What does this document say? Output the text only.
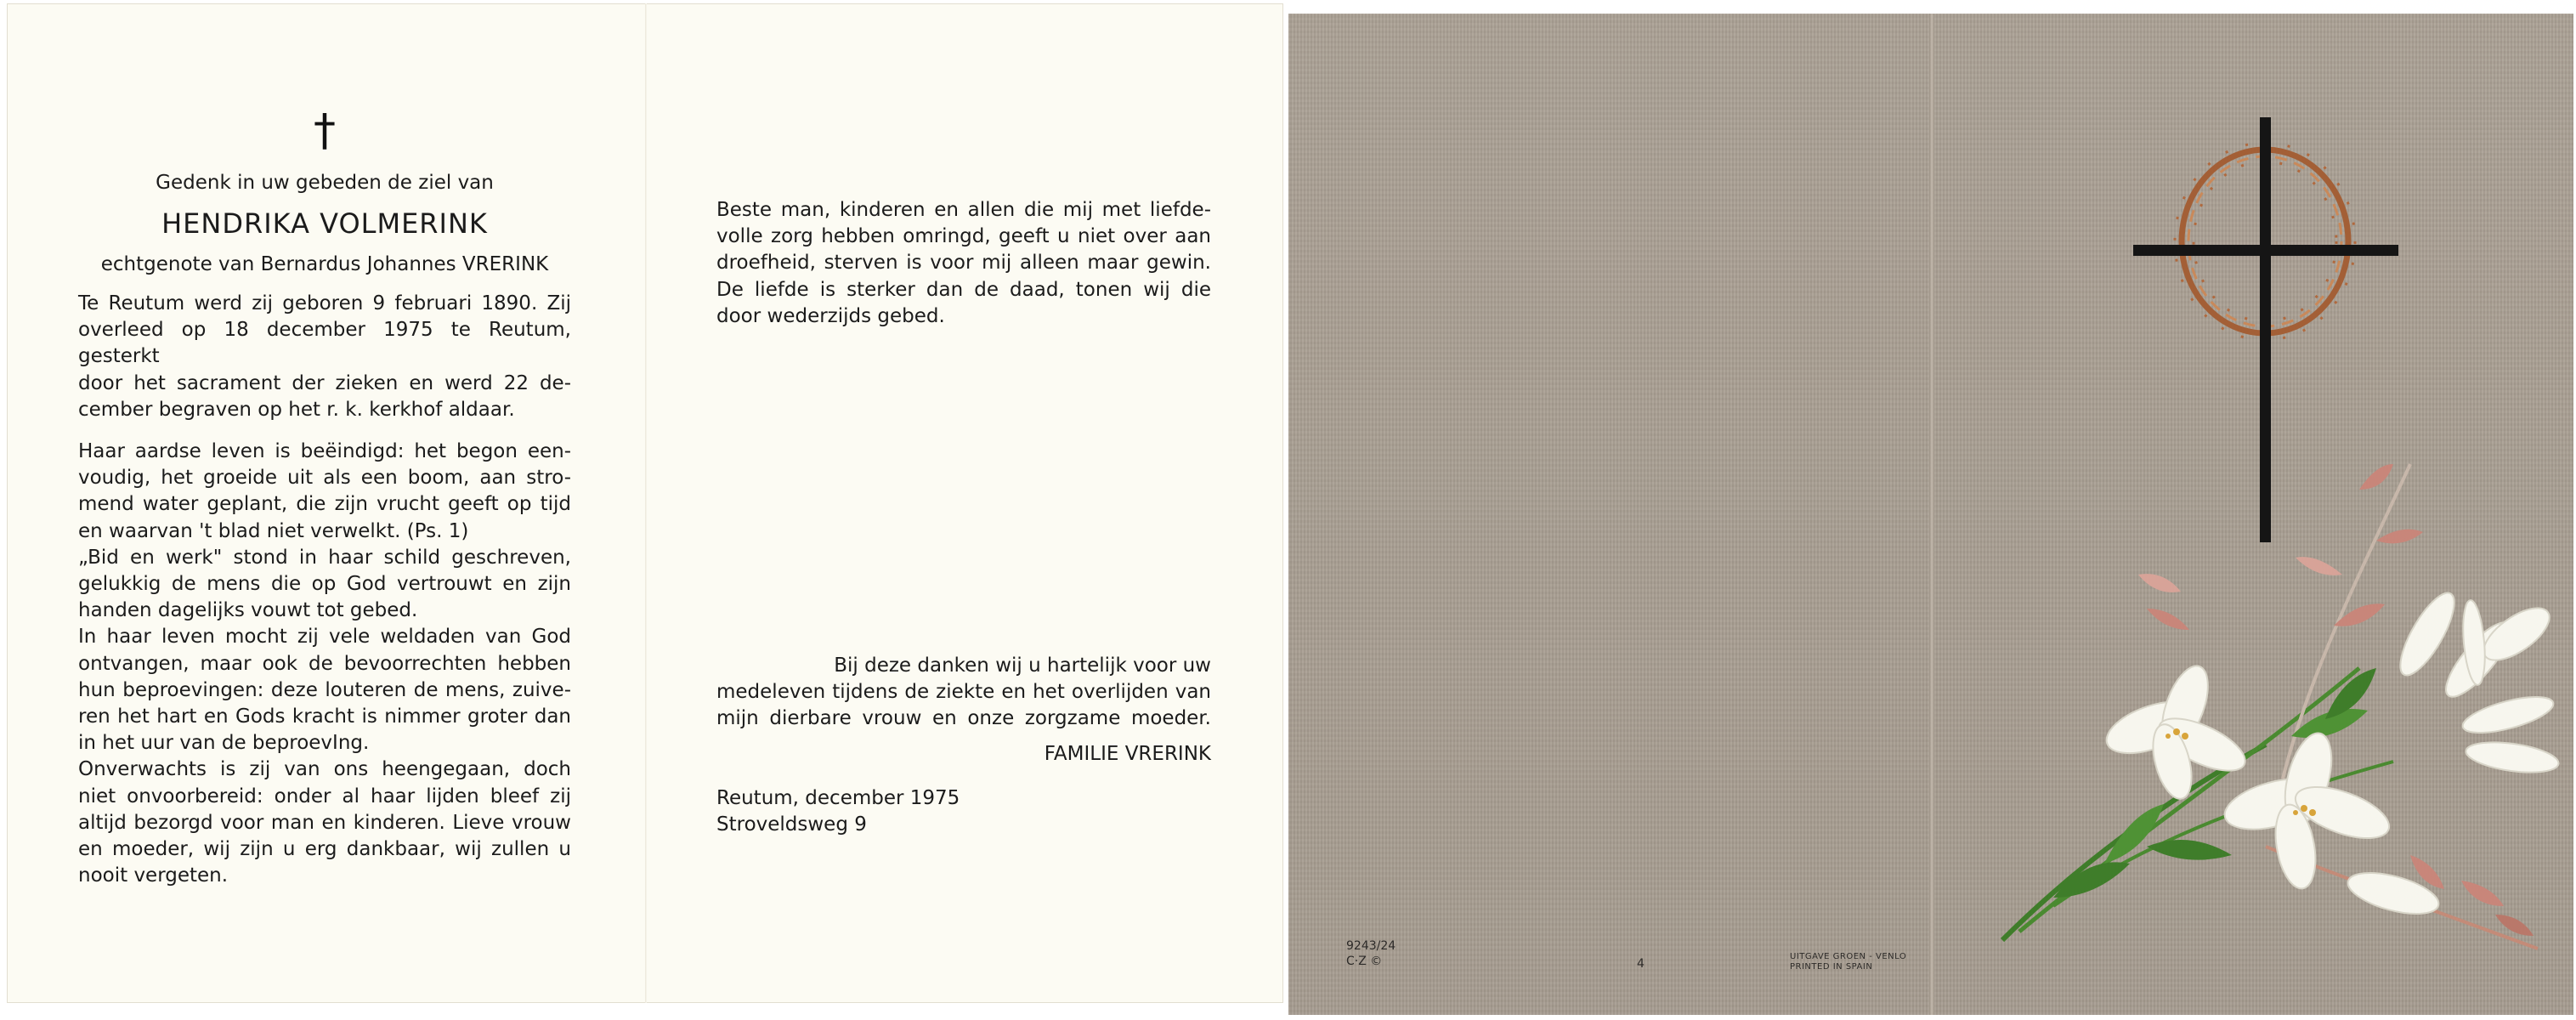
†
Gedenk in uw gebeden de ziel van
HENDRIKA VOLMERINK
echtgenote van Bernardus Johannes VRERINK
Te Reutum werd zij geboren 9 februari 1890. Zij
overleed op 18 december 1975 te Reutum, gesterkt
door het sacrament der zieken en werd 22 de-
cember begraven op het r. k. kerkhof aldaar.
Haar aardse leven is beëindigd: het begon een-
voudig, het groeide uit als een boom, aan stro-
mend water geplant, die zijn vrucht geeft op tijd
en waarvan 't blad niet verwelkt. (Ps. 1)
„Bid en werk" stond in haar schild geschreven,
gelukkig de mens die op God vertrouwt en zijn
handen dagelijks vouwt tot gebed.
In haar leven mocht zij vele weldaden van God
ontvangen, maar ook de bevoorrechten hebben
hun beproevingen: deze louteren de mens, zuive-
ren het hart en Gods kracht is nimmer groter dan
in het uur van de beproevIng.
Onverwachts is zij van ons heengegaan, doch
niet onvoorbereid: onder al haar lijden bleef zij
altijd bezorgd voor man en kinderen. Lieve vrouw
en moeder, wij zijn u erg dankbaar, wij zullen u
nooit vergeten.
Beste man, kinderen en allen die mij met liefde-
volle zorg hebben omringd, geeft u niet over aan
droefheid, sterven is voor mij alleen maar gewin.
De liefde is sterker dan de daad, tonen wij die
door wederzijds gebed.
Bij deze danken wij u hartelijk voor uw
medeleven tijdens de ziekte en het overlijden van
mijn dierbare vrouw en onze zorgzame moeder.
FAMILIE VRERINK
Reutum, december 1975
Stroveldsweg 9
9243/24
C·Z ©	4
UITGAVE GROEN - VENLO
PRINTED IN SPAIN
